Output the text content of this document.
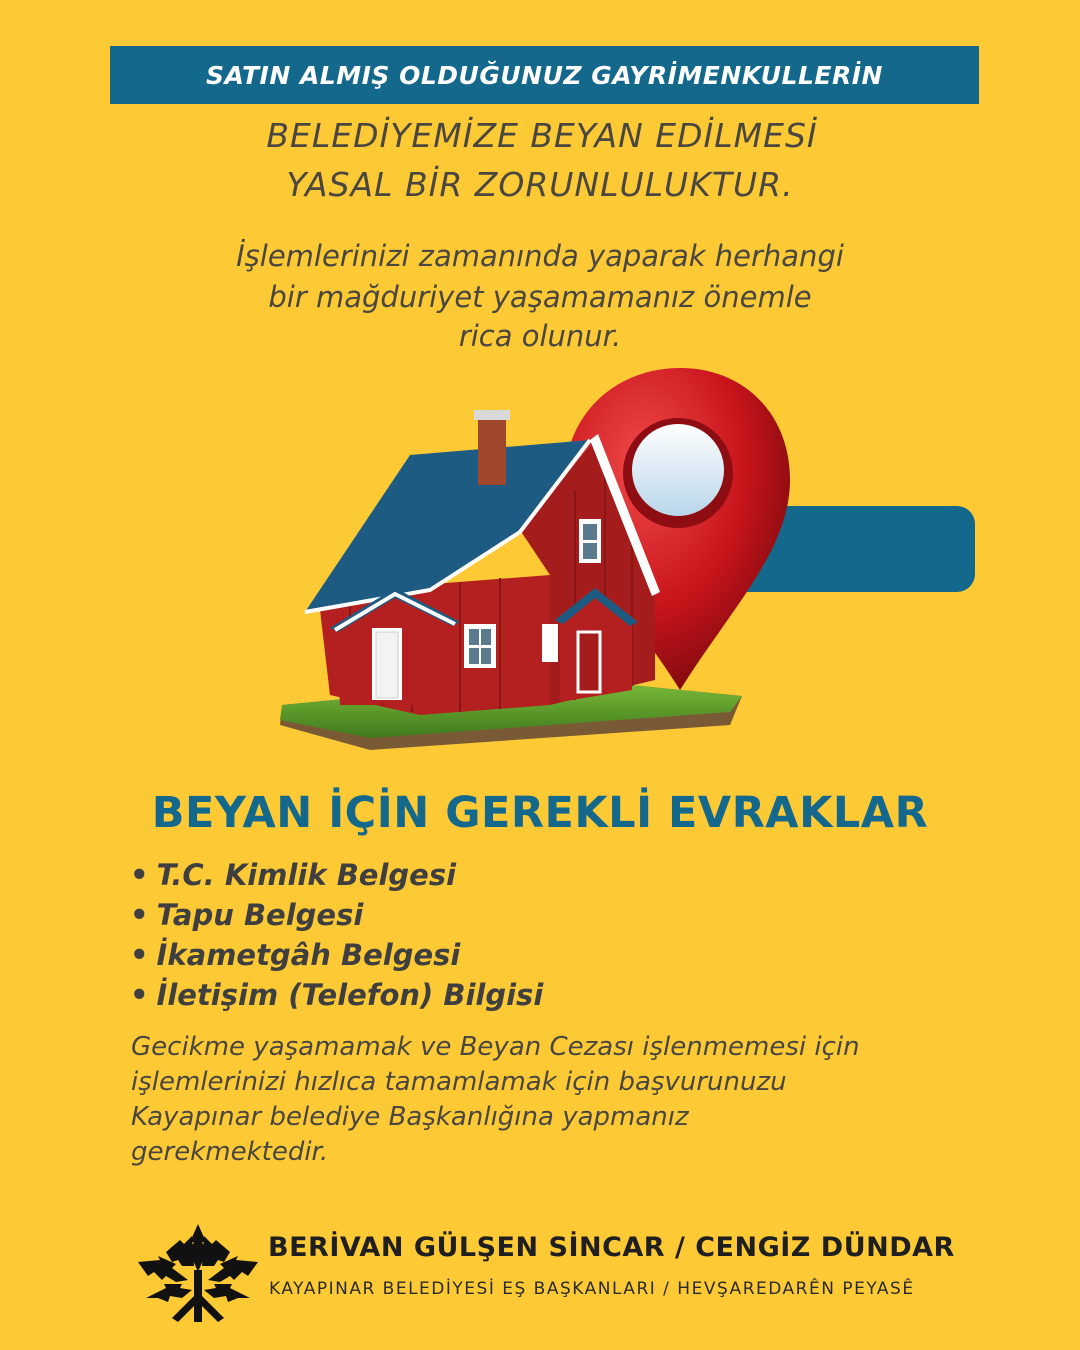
SATIN ALMIŞ OLDUĞUNUZ GAYRİMENKULLERİN
BELEDİYEMİZE BEYAN EDİLMESİ
YASAL BİR ZORUNLULUKTUR.
İşlemlerinizi zamanında yaparak herhangi
bir mağduriyet yaşamamanız önemle
rica olunur.
BEYAN İÇİN GEREKLİ EVRAKLAR
• T.C. Kimlik Belgesi
• Tapu Belgesi
• İkametgâh Belgesi
• İletişim (Telefon) Bilgisi
Gecikme yaşamamak ve Beyan Cezası işlenmemesi için
işlemlerinizi hızlıca tamamlamak için başvurunuzu
Kayapınar belediye Başkanlığına yapmanız
gerekmektedir.
BERİVAN GÜLŞEN SİNCAR / CENGİZ DÜNDAR
KAYAPINAR BELEDİYESİ EŞ BAŞKANLARI / HEVŞAREDARÊN PEYASÊ
